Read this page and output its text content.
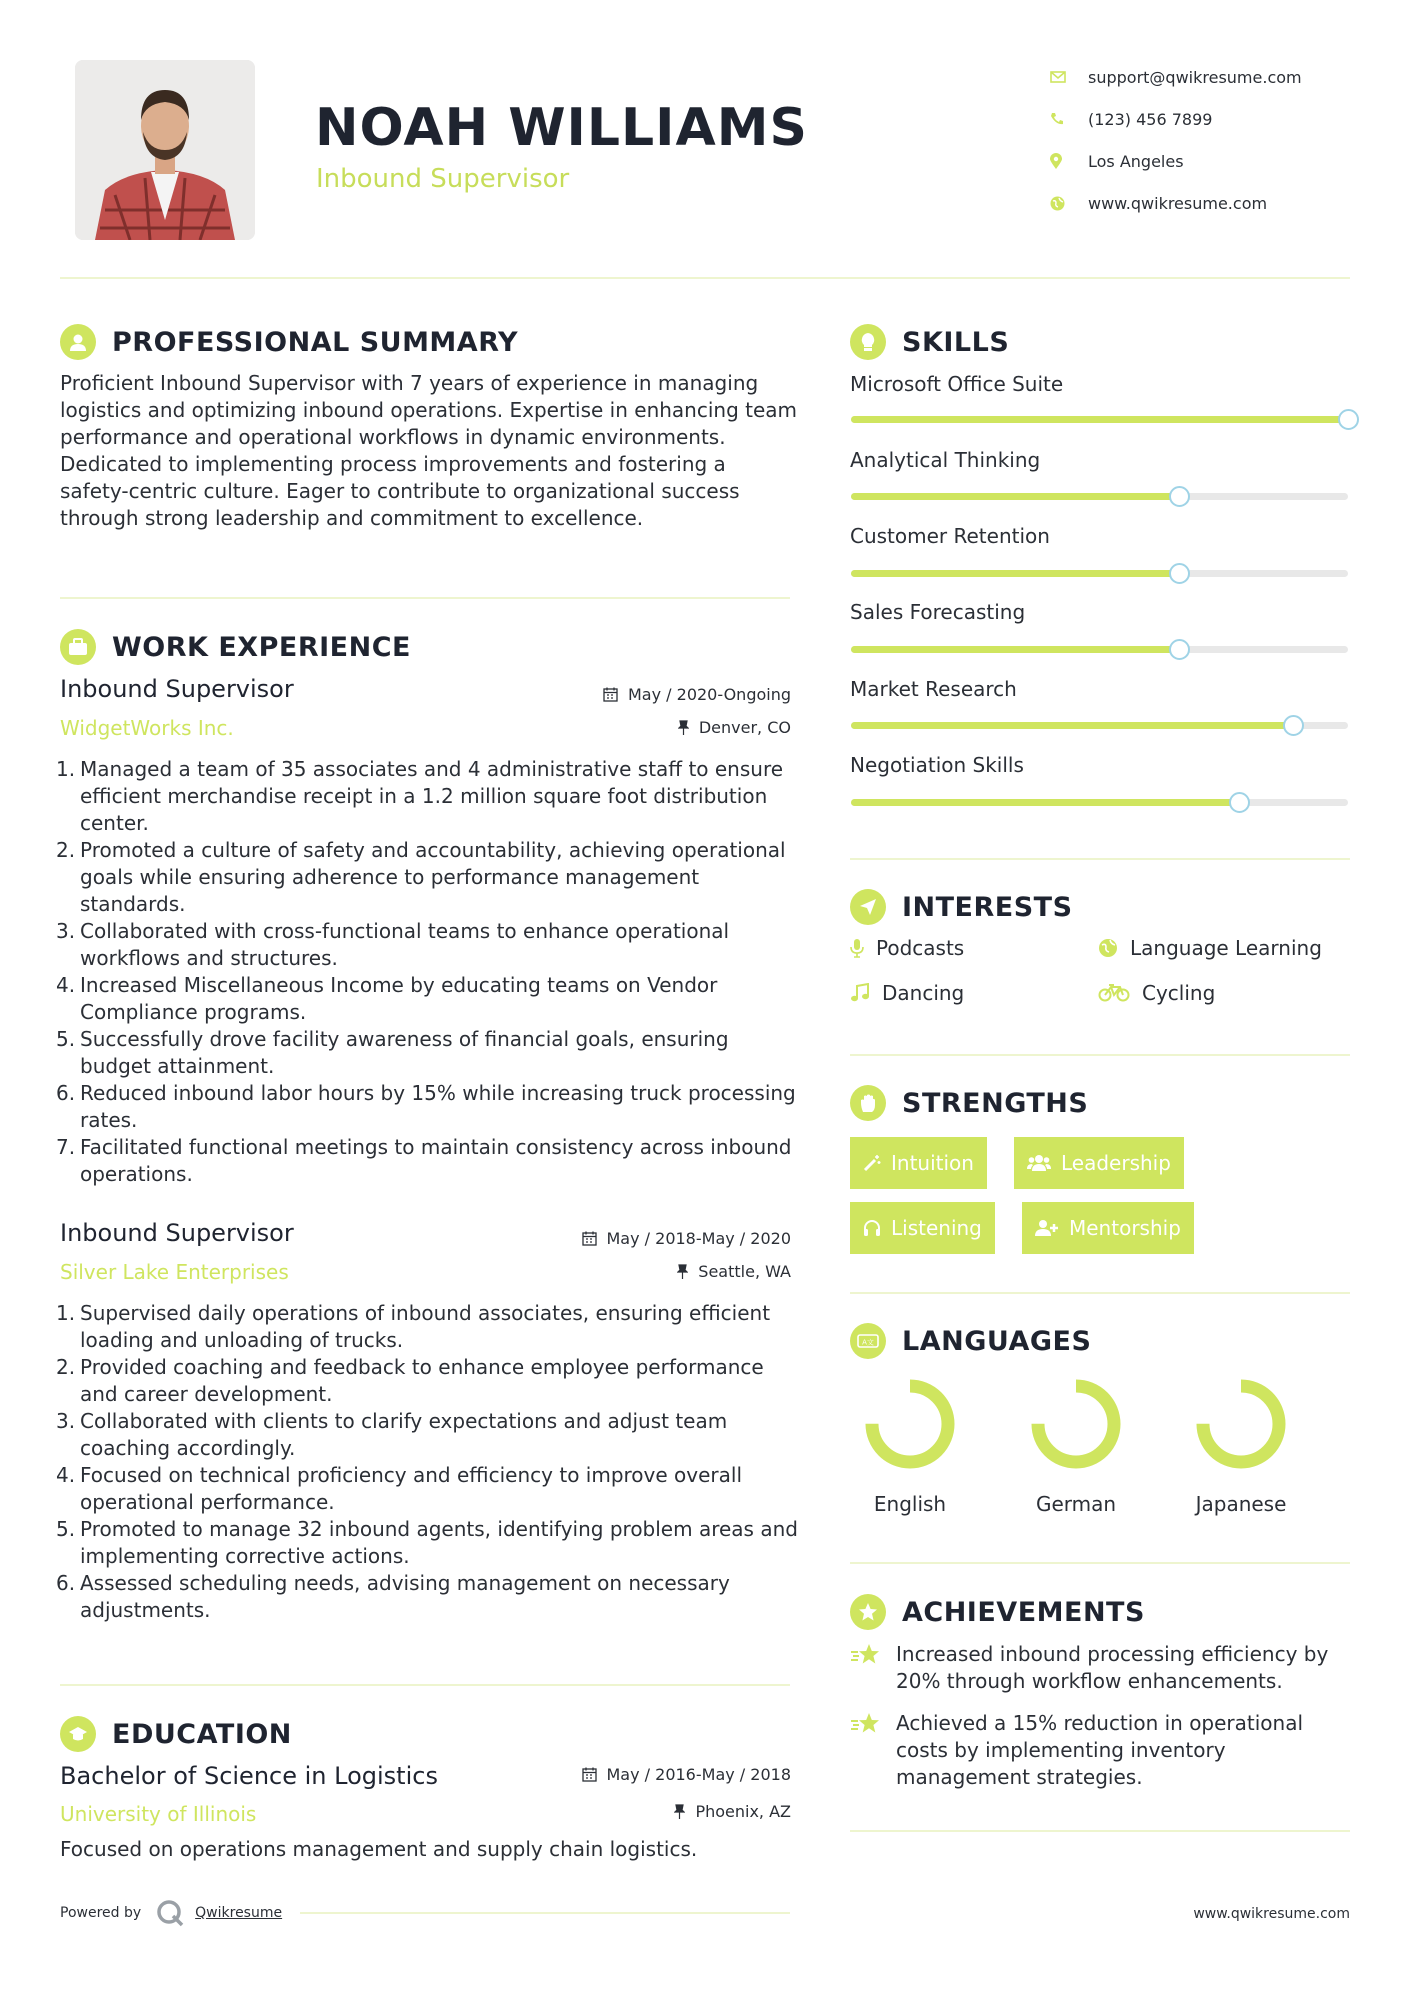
NOAH WILLIAMS
Inbound Supervisor
support@qwikresume.com
(123) 456 7899
Los Angeles
www.qwikresume.com
PROFESSIONAL SUMMARY
Proficient Inbound Supervisor with 7 years of experience in managing logistics and optimizing inbound operations. Expertise in enhancing team performance and operational workflows in dynamic environments. Dedicated to implementing process improvements and fostering a safety-centric culture. Eager to contribute to organizational success through strong leadership and commitment to excellence.
WORK EXPERIENCE
Inbound Supervisor
WidgetWorks Inc.
May / 2020-Ongoing
Denver, CO
1. Managed a team of 35 associates and 4 administrative staff to ensure efficient merchandise receipt in a 1.2 million square foot distribution center.
2. Promoted a culture of safety and accountability, achieving operational goals while ensuring adherence to performance management standards.
3. Collaborated with cross-functional teams to enhance operational workflows and structures.
4. Increased Miscellaneous Income by educating teams on Vendor Compliance programs.
5. Successfully drove facility awareness of financial goals, ensuring budget attainment.
6. Reduced inbound labor hours by 15% while increasing truck processing rates.
7. Facilitated functional meetings to maintain consistency across inbound operations.
Inbound Supervisor
Silver Lake Enterprises
May / 2018-May / 2020
Seattle, WA
1. Supervised daily operations of inbound associates, ensuring efficient loading and unloading of trucks.
2. Provided coaching and feedback to enhance employee performance and career development.
3. Collaborated with clients to clarify expectations and adjust team coaching accordingly.
4. Focused on technical proficiency and efficiency to improve overall operational performance.
5. Promoted to manage 32 inbound agents, identifying problem areas and implementing corrective actions.
6. Assessed scheduling needs, advising management on necessary adjustments.
EDUCATION
Bachelor of Science in Logistics
University of Illinois
May / 2016-May / 2018
Phoenix, AZ
Focused on operations management and supply chain logistics.
SKILLS
Microsoft Office Suite
Analytical Thinking
Customer Retention
Sales Forecasting
Market Research
Negotiation Skills
INTERESTS
Podcasts	Language Learning
Dancing	Cycling
STRENGTHS
Intuition	Leadership
Listening	Mentorship
A文 LANGUAGES
English	German	Japanese
ACHIEVEMENTS
Increased inbound processing efficiency by 20% through workflow enhancements.
Achieved a 15% reduction in operational costs by implementing inventory management strategies.
Powered by	Qwikresume	www.qwikresume.com
